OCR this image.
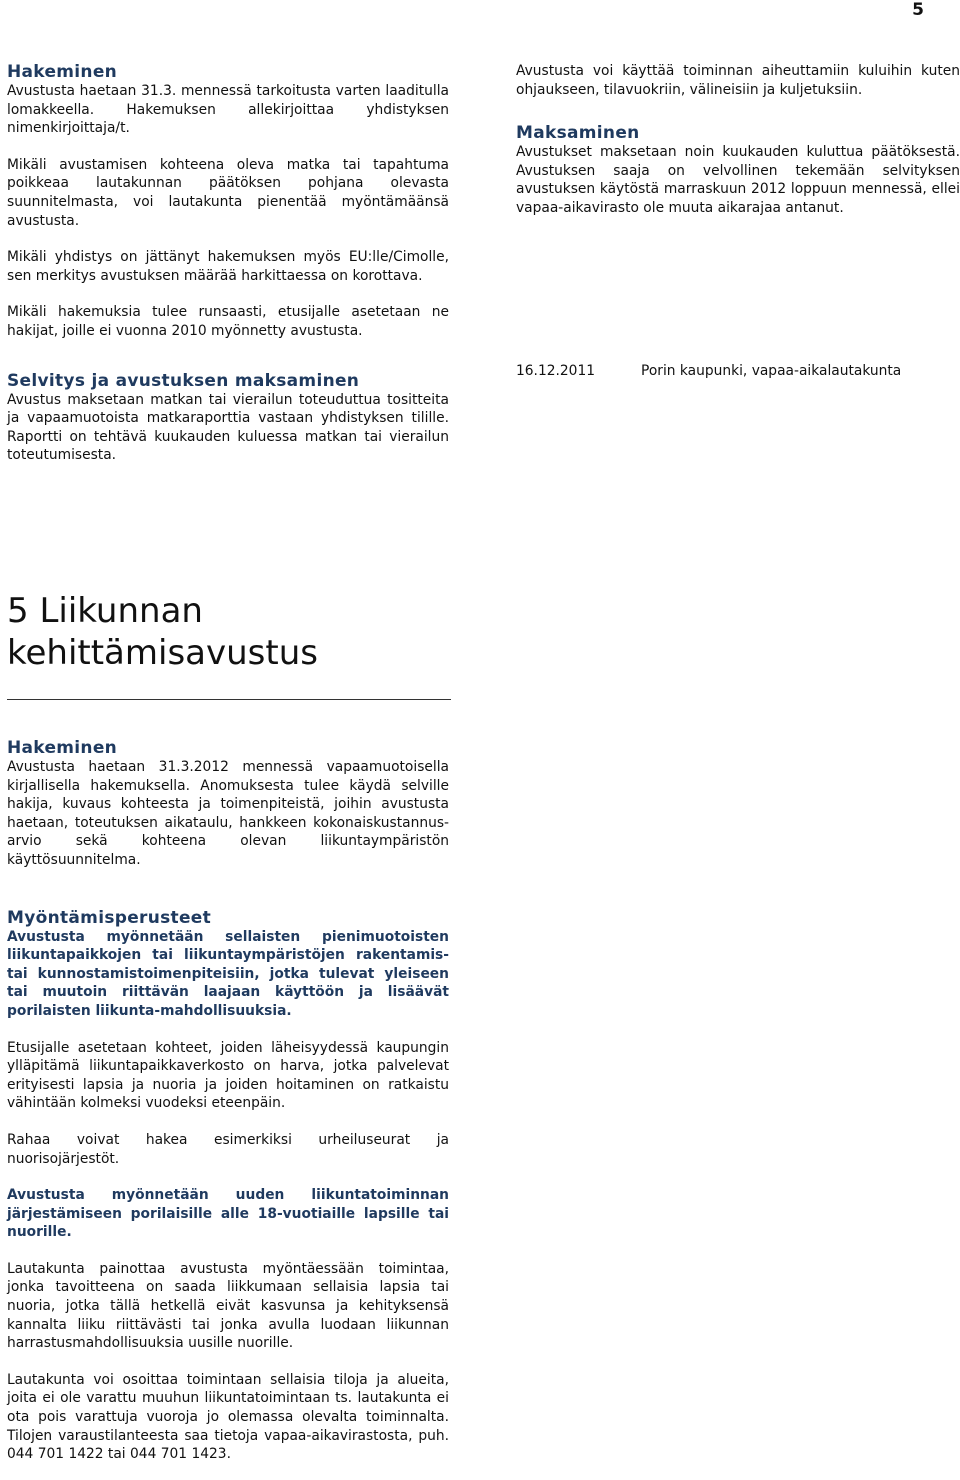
5
Hakeminen
Avustusta haetaan 31.3. mennessä tarkoitusta varten laaditulla lomakkeella. Hakemuksen allekirjoittaa yhdistyksen nimenkirjoittaja/t.
Mikäli avustamisen kohteena oleva matka tai tapahtuma poikkeaa lautakunnan päätöksen pohjana olevasta suunnitelmasta, voi lautakunta pienentää myöntämäänsä avustusta.
Mikäli yhdistys on jättänyt hakemuksen myös EU:lle/Cimolle, sen merkitys avustuksen määrää harkittaessa on korottava.
Mikäli hakemuksia tulee runsaasti, etusijalle asetetaan ne hakijat, joille ei vuonna 2010 myönnetty avustusta.
Selvitys ja avustuksen maksaminen
Avustus maksetaan matkan tai vierailun toteuduttua tositteita ja vapaamuotoista matkaraporttia vastaan yhdistyksen tilille. Raportti on tehtävä kuukauden kuluessa matkan tai vierailun toteutumisesta.
Avustusta voi käyttää toiminnan aiheuttamiin kuluihin kuten ohjaukseen, tilavuokriin, välineisiin ja kuljetuksiin.
Maksaminen
Avustukset maksetaan noin kuukauden kuluttua päätöksestä. Avustuksen saaja on velvollinen tekemään selvityksen avustuksen käytöstä marraskuun 2012 loppuun mennessä, ellei vapaa-aikavirasto ole muuta aikarajaa antanut.
16.12.2011	Porin kaupunki, vapaa-aikalautakunta
5 Liikunnan kehittämisavustus
Hakeminen
Avustusta haetaan 31.3.2012 mennessä vapaamuotoisella kirjallisella hakemuksella. Anomuksesta tulee käydä selville hakija, kuvaus kohteesta ja toimenpiteistä, joihin avustusta haetaan, toteutuksen aikataulu, hankkeen kokonaiskustannus-arvio sekä kohteena olevan liikuntaympäristön käyttösuunnitelma.
Myöntämisperusteet
Avustusta myönnetään sellaisten pienimuotoisten liikuntapaikkojen tai liikuntaympäristöjen rakentamis- tai kunnostamistoimenpiteisiin, jotka tulevat yleiseen tai muutoin riittävän laajaan käyttöön ja lisäävät porilaisten liikunta-mahdollisuuksia.
Etusijalle asetetaan kohteet, joiden läheisyydessä kaupungin ylläpitämä liikuntapaikkaverkosto on harva, jotka palvelevat erityisesti lapsia ja nuoria ja joiden hoitaminen on ratkaistu vähintään kolmeksi vuodeksi eteenpäin.
Rahaa voivat hakea esimerkiksi urheiluseurat ja nuorisojärjestöt.
Avustusta myönnetään uuden liikuntatoiminnan järjestämiseen porilaisille alle 18-vuotiaille lapsille tai nuorille.
Lautakunta painottaa avustusta myöntäessään toimintaa, jonka tavoitteena on saada liikkumaan sellaisia lapsia tai nuoria, jotka tällä hetkellä eivät kasvunsa ja kehityksensä kannalta liiku riittävästi tai jonka avulla luodaan liikunnan harrastusmahdollisuuksia uusille nuorille.
Lautakunta voi osoittaa toimintaan sellaisia tiloja ja alueita, joita ei ole varattu muuhun liikuntatoimintaan ts. lautakunta ei ota pois varattuja vuoroja jo olemassa olevalta toiminnalta. Tilojen varaustilanteesta saa tietoja vapaa-aikavirastosta, puh. 044 701 1422 tai 044 701 1423.
